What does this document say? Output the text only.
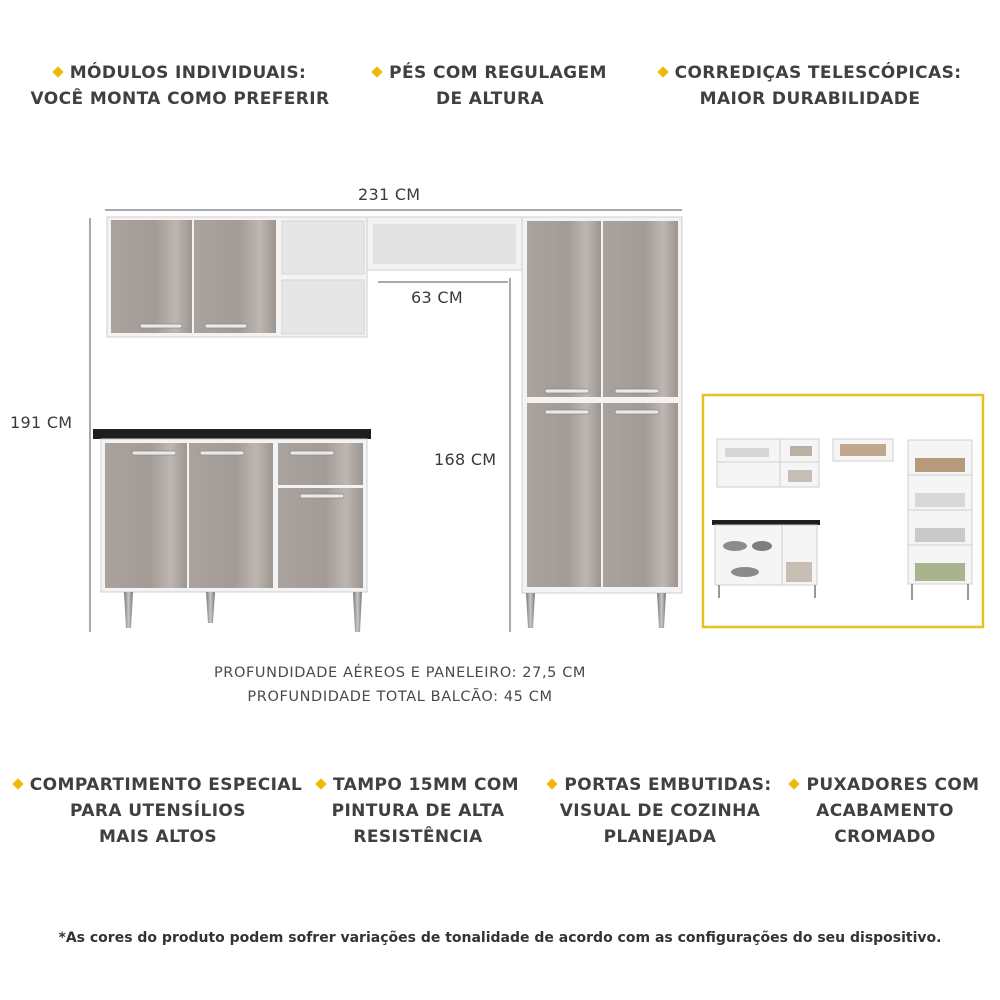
MÓDULOS INDIVIDUAIS:
VOCÊ MONTA COMO PREFERIR
PÉS COM REGULAGEM
DE ALTURA
CORREDIÇAS TELESCÓPICAS:
MAIOR DURABILIDADE
231 CM
63 CM
191 CM
168 CM
PROFUNDIDADE AÉREOS E PANELEIRO: 27,5 CM
PROFUNDIDADE TOTAL BALCÃO: 45 CM
COMPARTIMENTO ESPECIAL
PARA UTENSÍLIOS
MAIS ALTOS
TAMPO 15MM COM
PINTURA DE ALTA
RESISTÊNCIA
PORTAS EMBUTIDAS:
VISUAL DE COZINHA
PLANEJADA
PUXADORES COM
ACABAMENTO
CROMADO
*As cores do produto podem sofrer variações de tonalidade de acordo com as configurações do seu dispositivo.
